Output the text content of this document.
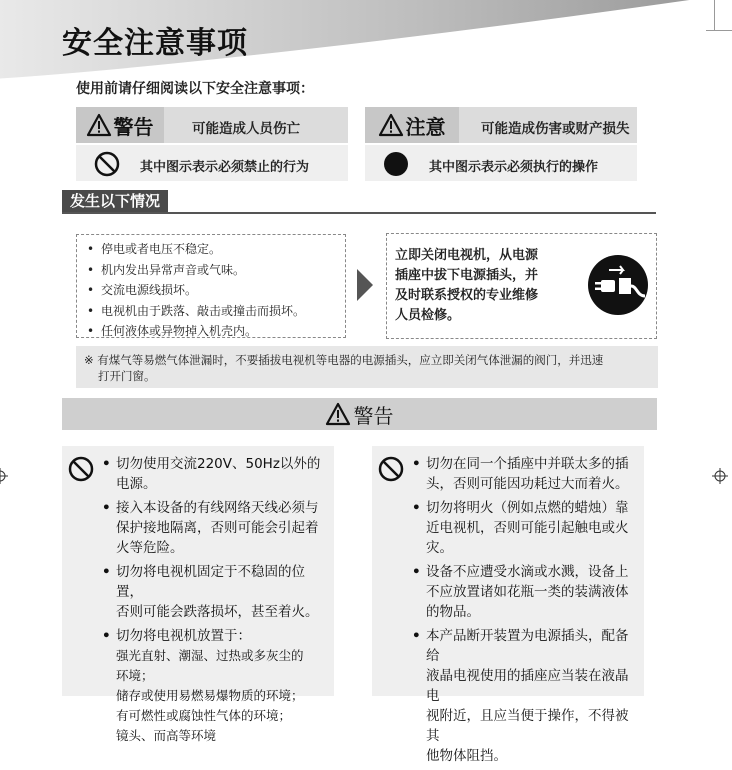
安全注意事项
使用前请仔细阅读以下安全注意事项：
警告	可能造成人员伤亡
其中图示表示必须禁止的行为
注意	可能造成伤害或财产损失
其中图示表示必须执行的操作
发生以下情况
• 停电或者电压不稳定。
• 机内发出异常声音或气味。
• 交流电源线损坏。
• 电视机由于跌落、敲击或撞击而损坏。
• 任何液体或异物掉入机壳内。
立即关闭电视机，从电源
插座中拔下电源插头，并
及时联系授权的专业维修
人员检修。
※ 有煤气等易燃气体泄漏时，不要插拔电视机等电器的电源插头，应立即关闭气体泄漏的阀门，并迅速
打开门窗。
警告
• 切勿使用交流220V、50Hz以外的
电源。
• 接入本设备的有线网络天线必须与
保护接地隔离，否则可能会引起着
火等危险。
• 切勿将电视机固定于不稳固的位置，
否则可能会跌落损坏，甚至着火。
• 切勿将电视机放置于：
强光直射、潮湿、过热或多灰尘的
环境；
储存或使用易燃易爆物质的环境；
有可燃性或腐蚀性气体的环境；
镜头、而高等环境
• 切勿在同一个插座中并联太多的插
头，否则可能因功耗过大而着火。
• 切勿将明火（例如点燃的蜡烛）靠
近电视机，否则可能引起触电或火
灾。
• 设备不应遭受水滴或水溅，设备上
不应放置诸如花瓶一类的装满液体
的物品。
• 本产品断开装置为电源插头，配备给
液晶电视使用的插座应当装在液晶电
视附近，且应当便于操作，不得被其
他物体阻挡。
